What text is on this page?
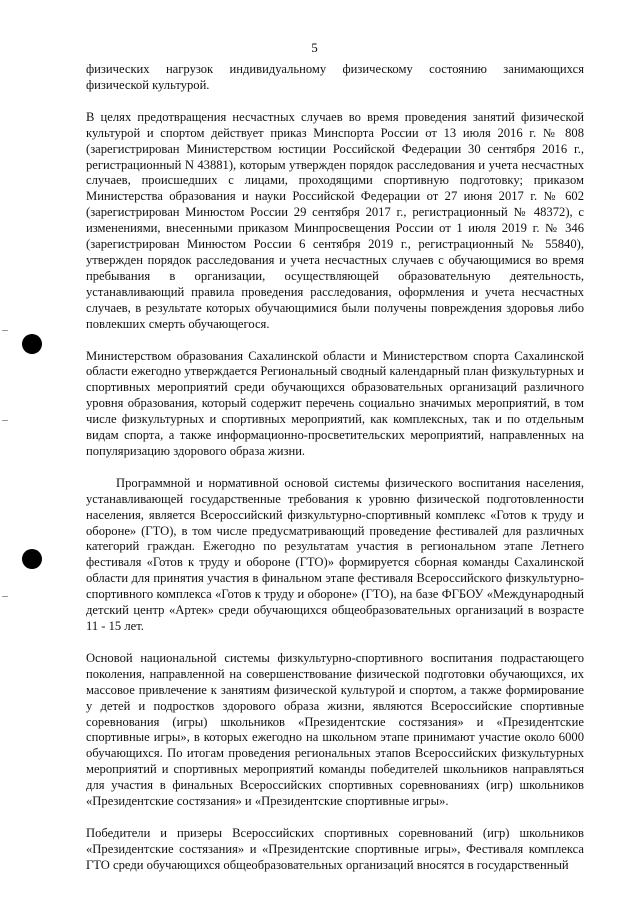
5

физических нагрузок индивидуальному физическому состоянию занимающихся физической культурой.

В целях предотвращения несчастных случаев во время проведения занятий физической культурой и спортом действует приказ Минспорта России от 13 июля 2016 г. № 808 (зарегистрирован Министерством юстиции Российской Федерации 30 сентября 2016 г., регистрационный N 43881), которым утвержден порядок расследования и учета несчастных случаев, происшедших с лицами, проходящими спортивную подготовку; приказом Министерства образования и науки Российской Федерации от 27 июня 2017 г. № 602 (зарегистрирован Минюстом России 29 сентября 2017 г., регистрационный № 48372), с изменениями, внесенными приказом Минпросвещения России от 1 июля 2019 г. № 346 (зарегистрирован Минюстом России 6 сентября 2019 г., регистрационный № 55840), утвержден порядок расследования и учета несчастных случаев с обучающимися во время пребывания в организации, осуществляющей образовательную деятельность, устанавливающий правила проведения расследования, оформления и учета несчастных случаев, в результате которых обучающимися были получены повреждения здоровья либо повлекших смерть обучающегося.

Министерством образования Сахалинской области и Министерством спорта Сахалинской области ежегодно утверждается Региональный сводный календарный план физкультурных и спортивных мероприятий среди обучающихся образовательных организаций различного уровня образования, который содержит перечень социально значимых мероприятий, в том числе физкультурных и спортивных мероприятий, как комплексных, так и по отдельным видам спорта, а также информационно-просветительских мероприятий, направленных на популяризацию здорового образа жизни.

Программной и нормативной основой системы физического воспитания населения, устанавливающей государственные требования к уровню физической подготовленности населения, является Всероссийский физкультурно-спортивный комплекс «Готов к труду и обороне» (ГТО), в том числе предусматривающий проведение фестивалей для различных категорий граждан. Ежегодно по результатам участия в региональном этапе Летнего фестиваля «Готов к труду и обороне (ГТО)» формируется сборная команды Сахалинской области для принятия участия в финальном этапе фестиваля Всероссийского физкультурно-спортивного комплекса «Готов к труду и обороне» (ГТО), на базе ФГБОУ «Международный детский центр «Артек» среди обучающихся общеобразовательных организаций в возрасте 11 - 15 лет.

Основой национальной системы физкультурно-спортивного воспитания подрастающего поколения, направленной на совершенствование физической подготовки обучающихся, их массовое привлечение к занятиям физической культурой и спортом, а также формирование у детей и подростков здорового образа жизни, являются Всероссийские спортивные соревнования (игры) школьников «Президентские состязания» и «Президентские спортивные игры», в которых ежегодно на школьном этапе принимают участие около 6000 обучающихся. По итогам проведения региональных этапов Всероссийских физкультурных мероприятий и спортивных мероприятий команды победителей школьников направляться для участия в финальных Всероссийских спортивных соревнованиях (игр) школьников «Президентские состязания» и «Президентские спортивные игры».

Победители и призеры Всероссийских спортивных соревнований (игр) школьников «Президентские состязания» и «Президентские спортивные игры», Фестиваля комплекса ГТО среди обучающихся общеобразовательных организаций вносятся в государственный
